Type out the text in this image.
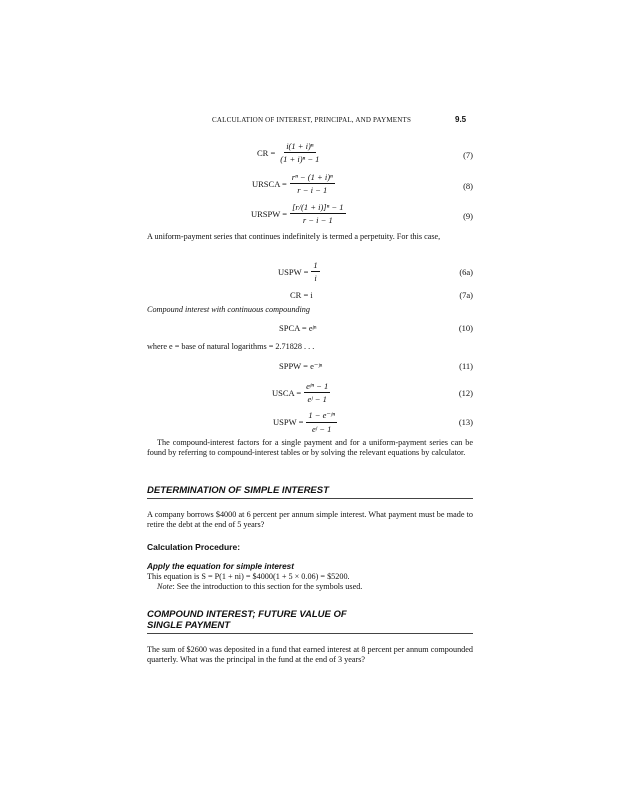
CALCULATION OF INTEREST, PRINCIPAL, AND PAYMENTS	9.5
CR = $\frac{\text{i(1 + i)ⁿ}}{\text{(1 + i)ⁿ − 1}}$	(7)
URSCA = $\frac{\text{rⁿ − (1 + i)ⁿ}}{r - i - 1}$	(8)
URSPW = $\frac{\text{[r/(1 + i)]ⁿ − 1}}{r - i - 1}$	(9)
A uniform-payment series that continues indefinitely is termed a perpetuity. For this case,
USPW = $\frac{1}{i}$	(6a)
CR = i	(7a)
Compound interest with continuous compounding
SPCA = eʲⁿ	(10)
where e = base of natural logarithms = 2.71828 . . .
SPPW = e⁻ʲⁿ	(11)
USCA = $\frac{\text{eʲⁿ − 1}}{\text{eʲ − 1}}$	(12)
USPW = $\frac{\text{1 − e⁻ʲⁿ}}{\text{eʲ − 1}}$	(13)
The compound-interest factors for a single payment and for a uniform-payment series can be found by referring to compound-interest tables or by solving the relevant equations by calculator.
DETERMINATION OF SIMPLE INTEREST
A company borrows $4000 at 6 percent per annum simple interest. What payment must be made to retire the debt at the end of 5 years?
Calculation Procedure:
Apply the equation for simple interest
This equation is S = P(1 + ni) = $4000(1 + 5 × 0.06) = $5200.
Note: See the introduction to this section for the symbols used.
COMPOUND INTEREST; FUTURE VALUE OF
SINGLE PAYMENT
The sum of $2600 was deposited in a fund that earned interest at 8 percent per annum compounded quarterly. What was the principal in the fund at the end of 3 years?
